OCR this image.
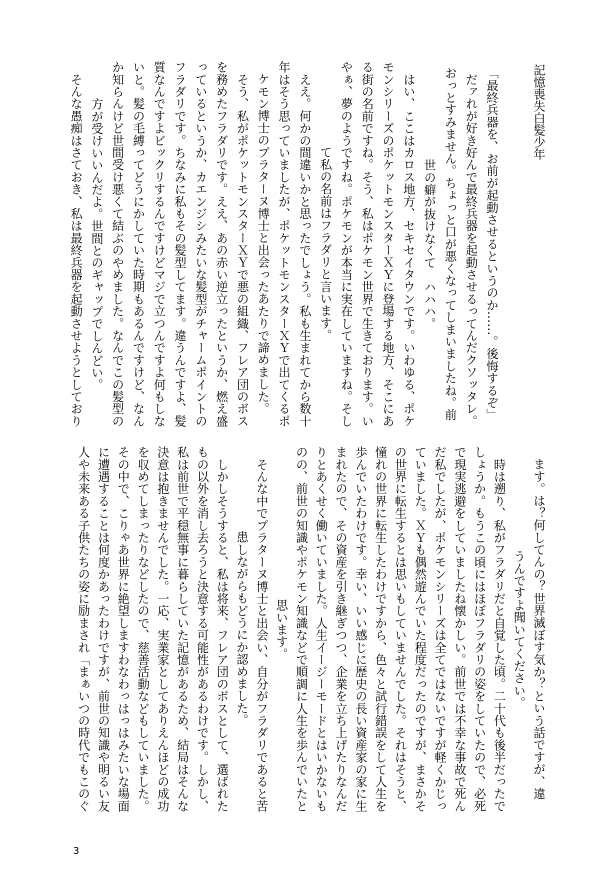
記憶喪失白髪少年
「最終兵器を、お前が起動させるというのか……。後悔するぞ」
　だァれが好き好んで最終兵器を起動させるってんだクソッタレ。
おっとすみません。ちょっと口が悪くなってしまいましたね。前
世の癖が抜けなくて　ハハハ。
　はい、ここはカロス地方、セキセイタウンです。いわゆる、ポケ
モンシリーズのポケットモンスターＸＹに登場する地方、そこにあ
る街の名前ですね。そう、私はポケモン世界で生きております。い
やぁ、夢のようですね。ポケモンが本当に実在していますね。そし
て私の名前はフラダリと言います。
　ええ。何かの間違いかと思ったでしょう。私も生まれてから数十
年はそう思っていましたが、ポケットモンスターＸＹで出てくるポ
ケモン博士のプラターヌ博士と出会ったあたりで諦めました。
　そう、私がポケットモンスターＸＹで悪の組織、フレア団のボス
を務めたフラダリです。ええ、あの赤い逆立ったというか、燃え盛
っているというか、カエンジシみたいな髪型がチャームポイントの
フラダリです。ちなみに私もその髪型してます。違うんですよ、髪
質なんですよビックリするんですけどマジで立つんですよ何もしな
いと。髪の毛縛ってどうにかしていた時期もあるんですけど、なん
か知らんけど世間受け悪くて結ぶのやめました。なんでこの髪型の
方が受けいいんだよ。世間とのギャップでしんどい。
　そんな愚痴はさておき、私は最終兵器を起動させようとしており
ます。は？何してんの？世界滅ぼす気か？という話ですが、違
うんですよ聞いてください。
　時は遡り、私がフラダリだと自覚した頃。二十代も後半だったで
しょうか。もうこの頃にはほぼフラダリの姿をしていたので、必死
で現実逃避をしていましたね懐かしい。前世では不幸な事故で死ん
だ私でしたが、ポケモンシリーズは全てではないですが軽くかじっ
ていました。ＸＹも偶然遊んでいた程度だったのですが、まさかそ
の世界に転生するとは思いもしていませんでした。それはそうと、
憧れの世界に転生したわけですから、色々と試行錯誤をして人生を
歩んでいたわけです。幸い、いい感じに歴史の長い資産家の家に生
まれたので、その資産を引き継ぎつつ、企業を立ち上げたりなんだ
りとあくせく働いていました。人生イージーモードとはいかないも
のの、前世の知識やポケモン知識などで順調に人生を歩んでいたと
思います。
　そんな中でプラターヌ博士と出会い、自分がフラダリであると苦
患しながらもどうにか認めました。
　しかしそうすると、私は将来、フレア団のボスとして、選ばれた
もの以外を消し去ろうと決意する可能性があるわけです。しかし、
私は前世で平穏無事に暮らしていた記憶があるため、結局はそんな
決意は抱きませんでした。一応、実業家としてありえんほどの成功
を収めてしまったりなどしたので、慈善活動などもしていました。
その中で、こりゃあ世界に絶望しますわなわっはっはみたいな場面
に遭遇することは何度かあったわけですが、前世の知識や明るい友
人や未来ある子供たちの姿に励まされ「まぁいつの時代でもこのぐ
3
